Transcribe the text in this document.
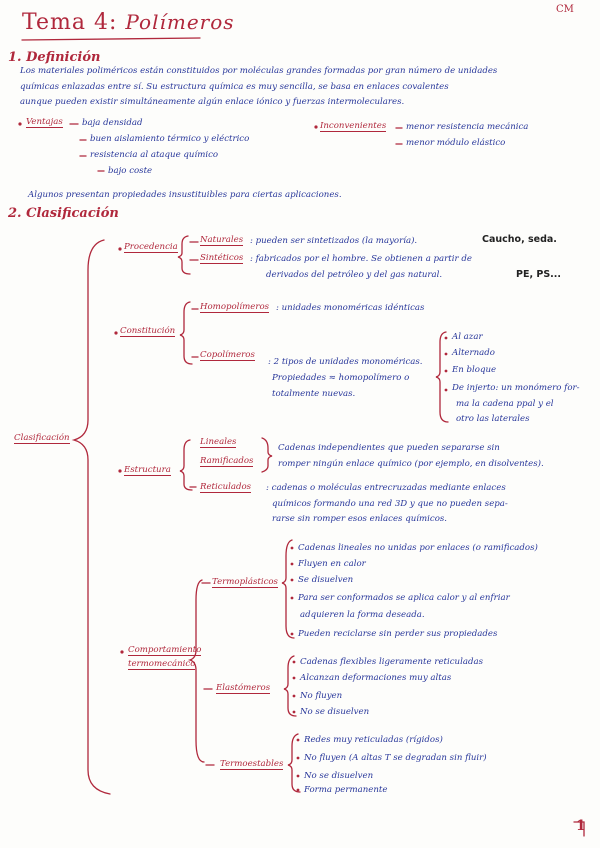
Tema 4: Polímeros
CM
1. Definición
Los materiales poliméricos están constituidos por moléculas grandes formadas por gran número de unidades
químicas enlazadas entre sí. Su estructura química es muy sencilla, se basa en enlaces covalentes
aunque pueden existir simultáneamente algún enlace iónico y fuerzas intermoleculares.
Ventajas baja densidad
buen aislamiento térmico y eléctrico
resistencia al ataque químico
bajo coste
Inconvenientes menor resistencia mecánica
menor módulo elástico
Algunos presentan propiedades insustituibles para ciertas aplicaciones.
2. Clasificación
Clasificación
Procedencia
Naturales : pueden ser sintetizados (la mayoría).	Caucho, seda.
Sintéticos : fabricados por el hombre. Se obtienen a partir de
derivados del petróleo y del gas natural.	PE, PS...
Constitución
Homopolímeros : unidades monoméricas idénticas
Copolímeros
: 2 tipos de unidades monoméricas.
Propiedades ≈ homopolímero o
totalmente nuevas.
Al azar
Alternado
En bloque
De injerto: un monómero for-
ma la cadena ppal y el
otro las laterales
Estructura
Lineales
Ramificados
Cadenas independientes que pueden separarse sin
romper ningún enlace químico (por ejemplo, en disolventes).
Reticulados : cadenas o moléculas entrecruzadas mediante enlaces
químicos formando una red 3D y que no pueden sepa-
rarse sin romper esos enlaces químicos.
Comportamiento
termomecánico
Termoplásticos
Cadenas lineales no unidas por enlaces (o ramificados)
Fluyen en calor
Se disuelven
Para ser conformados se aplica calor y al enfriar
adquieren la forma deseada.
Pueden reciclarse sin perder sus propiedades
Elastómeros
Cadenas flexibles ligeramente reticuladas
Alcanzan deformaciones muy altas
No fluyen
No se disuelven
Termoestables
Redes muy reticuladas (rígidos)
No fluyen (A altas T se degradan sin fluir)
No se disuelven
Forma permanente
1
